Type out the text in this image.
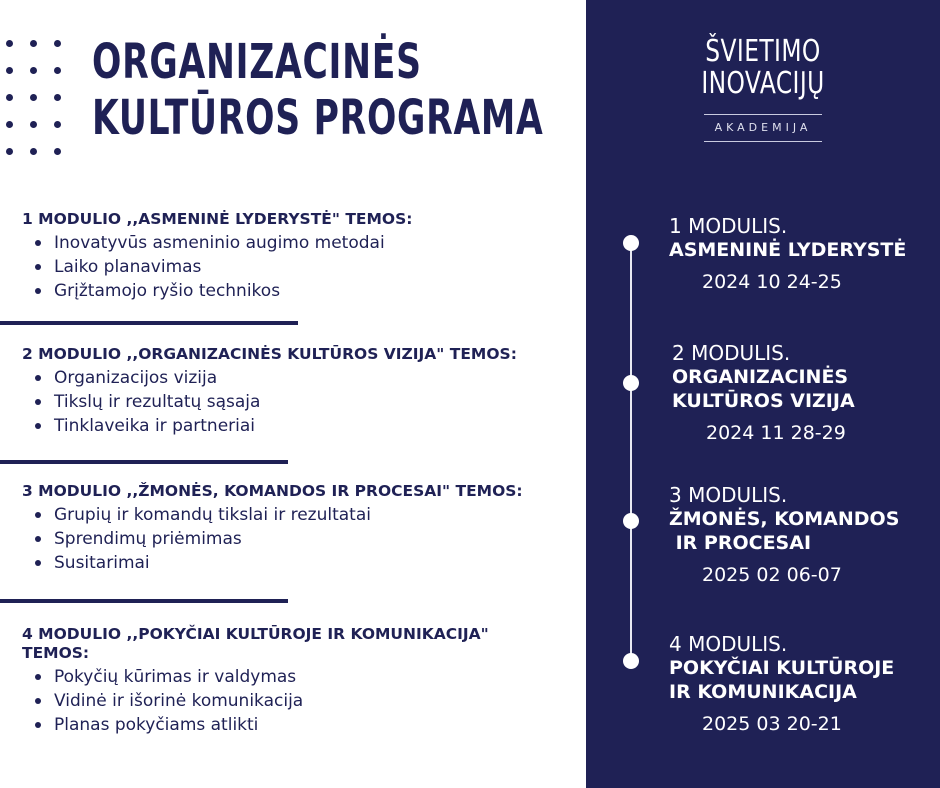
ORGANIZACINĖS
KULTŪROS PROGRAMA
1 MODULIO ,,ASMENINĖ LYDERYSTĖ" TEMOS:
Inovatyvūs asmeninio augimo metodai
Laiko planavimas
Grįžtamojo ryšio technikos
2 MODULIO ,,ORGANIZACINĖS KULTŪROS VIZIJA" TEMOS:
Organizacijos vizija
Tikslų ir rezultatų sąsaja
Tinklaveika ir partneriai
3 MODULIO ,,ŽMONĖS, KOMANDOS IR PROCESAI" TEMOS:
Grupių ir komandų tikslai ir rezultatai
Sprendimų priėmimas
Susitarimai
4 MODULIO ,,POKYČIAI KULTŪROJE IR KOMUNIKACIJA"
TEMOS:
Pokyčių kūrimas ir valdymas
Vidinė ir išorinė komunikacija
Planas pokyčiams atlikti
ŠVIETIMO
INOVACIJŲ
AKADEMIJA
1 MODULIS.
ASMENINĖ LYDERYSTĖ
2024 10 24-25
2 MODULIS.
ORGANIZACINĖS
KULTŪROS VIZIJA
2024 11 28-29
3 MODULIS.
ŽMONĖS, KOMANDOS
IR PROCESAI
2025 02 06-07
4 MODULIS.
POKYČIAI KULTŪROJE
IR KOMUNIKACIJA
2025 03 20-21
